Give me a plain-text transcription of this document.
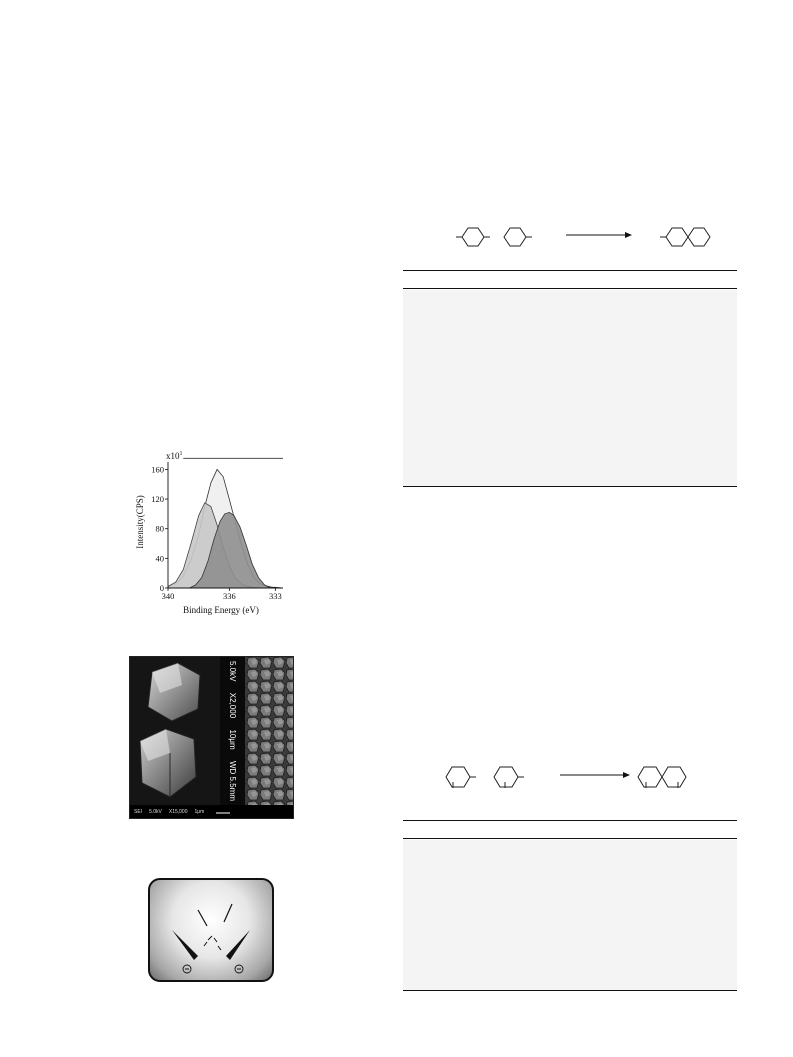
0
40
80
120
160
340	336	333
$x10^1$
Intensity(CPS)
Binding Energy (eV)
5.0kV
X2,000
10μm
WD 5.5mm
SEI 5.0kV X15,000 1μm
